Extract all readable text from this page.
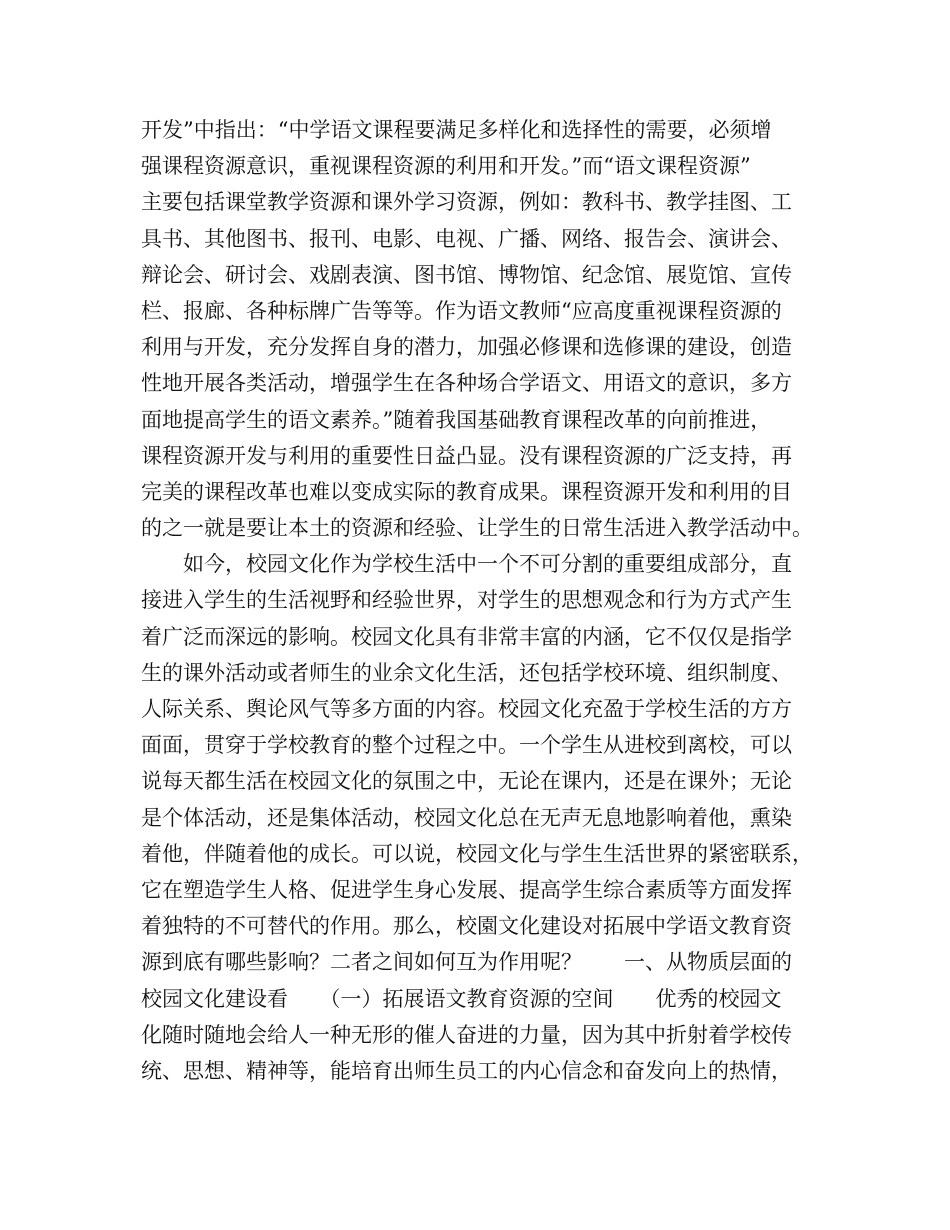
开发”中指出：“中学语文课程要满足多样化和选择性的需要，必须增
强课程资源意识，重视课程资源的利用和开发。”而“语文课程资源”
主要包括课堂教学资源和课外学习资源，例如：教科书、教学挂图、工
具书、其他图书、报刊、电影、电视、广播、网络、报告会、演讲会、
辩论会、研讨会、戏剧表演、图书馆、博物馆、纪念馆、展览馆、宣传
栏、报廊、各种标牌广告等等。作为语文教师“应高度重视课程资源的
利用与开发，充分发挥自身的潜力，加强必修课和选修课的建设，创造
性地开展各类活动，增强学生在各种场合学语文、用语文的意识，多方
面地提高学生的语文素养。”随着我国基础教育课程改革的向前推进，
课程资源开发与利用的重要性日益凸显。没有课程资源的广泛支持，再
完美的课程改革也难以变成实际的教育成果。课程资源开发和利用的目
的之一就是要让本土的资源和经验、让学生的日常生活进入教学活动中。
　　如今，校园文化作为学校生活中一个不可分割的重要组成部分，直
接进入学生的生活视野和经验世界，对学生的思想观念和行为方式产生
着广泛而深远的影响。校园文化具有非常丰富的内涵，它不仅仅是指学
生的课外活动或者师生的业余文化生活，还包括学校环境、组织制度、
人际关系、舆论风气等多方面的内容。校园文化充盈于学校生活的方方
面面，贯穿于学校教育的整个过程之中。一个学生从进校到离校，可以
说每天都生活在校园文化的氛围之中，无论在课内，还是在课外；无论
是个体活动，还是集体活动，校园文化总在无声无息地影响着他，熏染
着他，伴随着他的成长。可以说，校园文化与学生生活世界的紧密联系，
它在塑造学生人格、促进学生身心发展、提高学生综合素质等方面发挥
着独特的不可替代的作用。那么，校園文化建设对拓展中学语文教育资
源到底有哪些影响？二者之间如何互为作用呢？　　一、从物质层面的
校园文化建设看　　（一）拓展语文教育资源的空间　　优秀的校园文
化随时随地会给人一种无形的催人奋进的力量，因为其中折射着学校传
统、思想、精神等，能培育出师生员工的内心信念和奋发向上的热情，
